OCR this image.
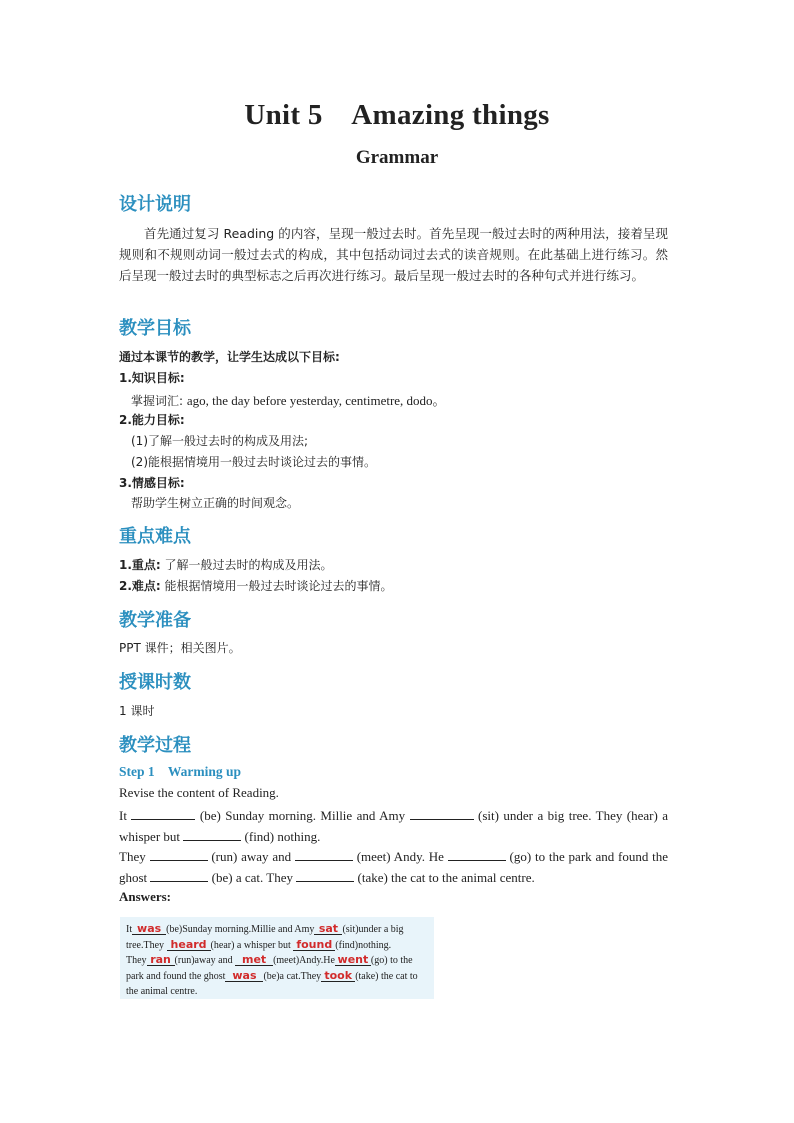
Unit 5    Amazing things
Grammar
设计说明

首先通过复习 Reading 的内容，呈现一般过去时。首先呈现一般过去时的两种用法，接着呈现规则和不规则动词一般过去式的构成，其中包括动词过去式的读音规则。在此基础上进行练习。然后呈现一般过去时的典型标志之后再次进行练习。最后呈现一般过去时的各种句式并进行练习。

教学目标

通过本课节的教学，让学生达成以下目标:

1.知识目标:

掌握词汇: ago, the day before yesterday, centimetre, dodo。

2.能力目标:

(1)了解一般过去时的构成及用法;

(2)能根据情境用一般过去时谈论过去的事情。

3.情感目标:

帮助学生树立正确的时间观念。

重点难点

1.重点: 了解一般过去时的构成及用法。

2.难点: 能根据情境用一般过去时谈论过去的事情。

教学准备

PPT 课件；相关图片。

授课时数

1 课时

教学过程

Step 1    Warming up

Revise the content of Reading.

It	(be) Sunday morning. Millie and Amy	(sit) under a big tree. They (hear) a whisper but	(find) nothing.
They	(run) away and	(meet) Andy. He	(go) to the park and found the ghost	(be) a cat. They	(take) the cat to the animal centre.

Answers:

It was (be)Sunday morning.Millie and Amy sat (sit)under a big tree.They heard (hear) a whisper but found (find)nothing.
They ran (run)away and met (meet)Andy.He went (go) to the park and found the ghost was (be)a cat.They took (take) the cat to the animal centre.
